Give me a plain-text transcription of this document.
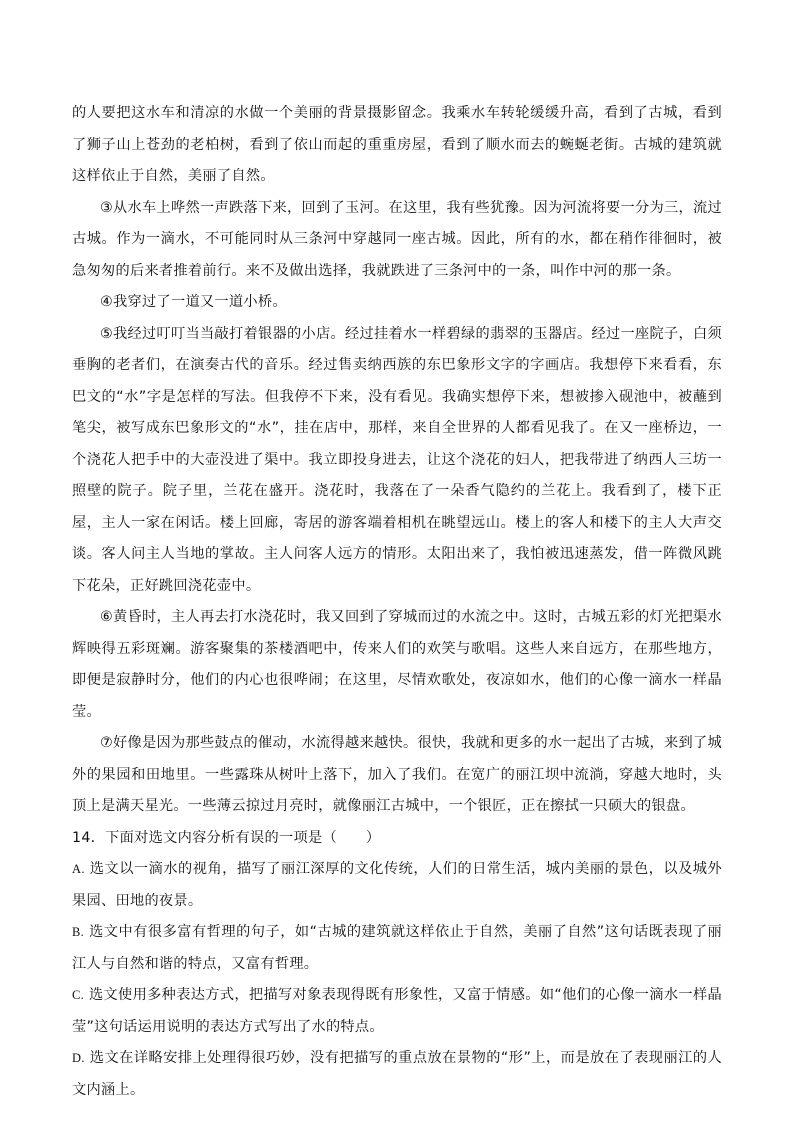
的人要把这水车和清凉的水做一个美丽的背景摄影留念。我乘水车转轮缓缓升高，看到了古城，看到了狮子山上苍劲的老柏树，看到了依山而起的重重房屋，看到了顺水而去的蜿蜒老街。古城的建筑就这样依止于自然，美丽了自然。

③从水车上哗然一声跌落下来，回到了玉河。在这里，我有些犹豫。因为河流将要一分为三，流过古城。作为一滴水，不可能同时从三条河中穿越同一座古城。因此，所有的水，都在稍作徘徊时，被急匆匆的后来者推着前行。来不及做出选择，我就跌进了三条河中的一条，叫作中河的那一条。

④我穿过了一道又一道小桥。

⑤我经过叮叮当当敲打着银器的小店。经过挂着水一样碧绿的翡翠的玉器店。经过一座院子，白须垂胸的老者们，在演奏古代的音乐。经过售卖纳西族的东巴象形文字的字画店。我想停下来看看，东巴文的“水”字是怎样的写法。但我停不下来，没有看见。我确实想停下来，想被掺入砚池中，被蘸到笔尖，被写成东巴象形文的“水”，挂在店中，那样，来自全世界的人都看见我了。在又一座桥边，一个浇花人把手中的大壶没进了渠中。我立即投身进去，让这个浇花的妇人，把我带进了纳西人三坊一照壁的院子。院子里，兰花在盛开。浇花时，我落在了一朵香气隐约的兰花上。我看到了，楼下正屋，主人一家在闲话。楼上回廊，寄居的游客端着相机在眺望远山。楼上的客人和楼下的主人大声交谈。客人问主人当地的掌故。主人问客人远方的情形。太阳出来了，我怕被迅速蒸发，借一阵微风跳下花朵，正好跳回浇花壶中。

⑥黄昏时，主人再去打水浇花时，我又回到了穿城而过的水流之中。这时，古城五彩的灯光把渠水辉映得五彩斑斓。游客聚集的茶楼酒吧中，传来人们的欢笑与歌唱。这些人来自远方，在那些地方，即便是寂静时分，他们的内心也很哗闹；在这里，尽情欢歌处，夜凉如水，他们的心像一滴水一样晶莹。

⑦好像是因为那些鼓点的催动，水流得越来越快。很快，我就和更多的水一起出了古城，来到了城外的果园和田地里。一些露珠从树叶上落下，加入了我们。在宽广的丽江坝中流淌，穿越大地时，头顶上是满天星光。一些薄云掠过月亮时，就像丽江古城中，一个银匠，正在擦拭一只硕大的银盘。

14．下面对选文内容分析有误的一项是（　　）

A. 选文以一滴水的视角，描写了丽江深厚的文化传统，人们的日常生活，城内美丽的景色，以及城外果园、田地的夜景。

B. 选文中有很多富有哲理的句子，如“古城的建筑就这样依止于自然，美丽了自然”这句话既表现了丽江人与自然和谐的特点，又富有哲理。

C. 选文使用多种表达方式，把描写对象表现得既有形象性，又富于情感。如“他们的心像一滴水一样晶莹”这句话运用说明的表达方式写出了水的特点。

D. 选文在详略安排上处理得很巧妙，没有把描写的重点放在景物的“形”上，而是放在了表现丽江的人文内涵上。
